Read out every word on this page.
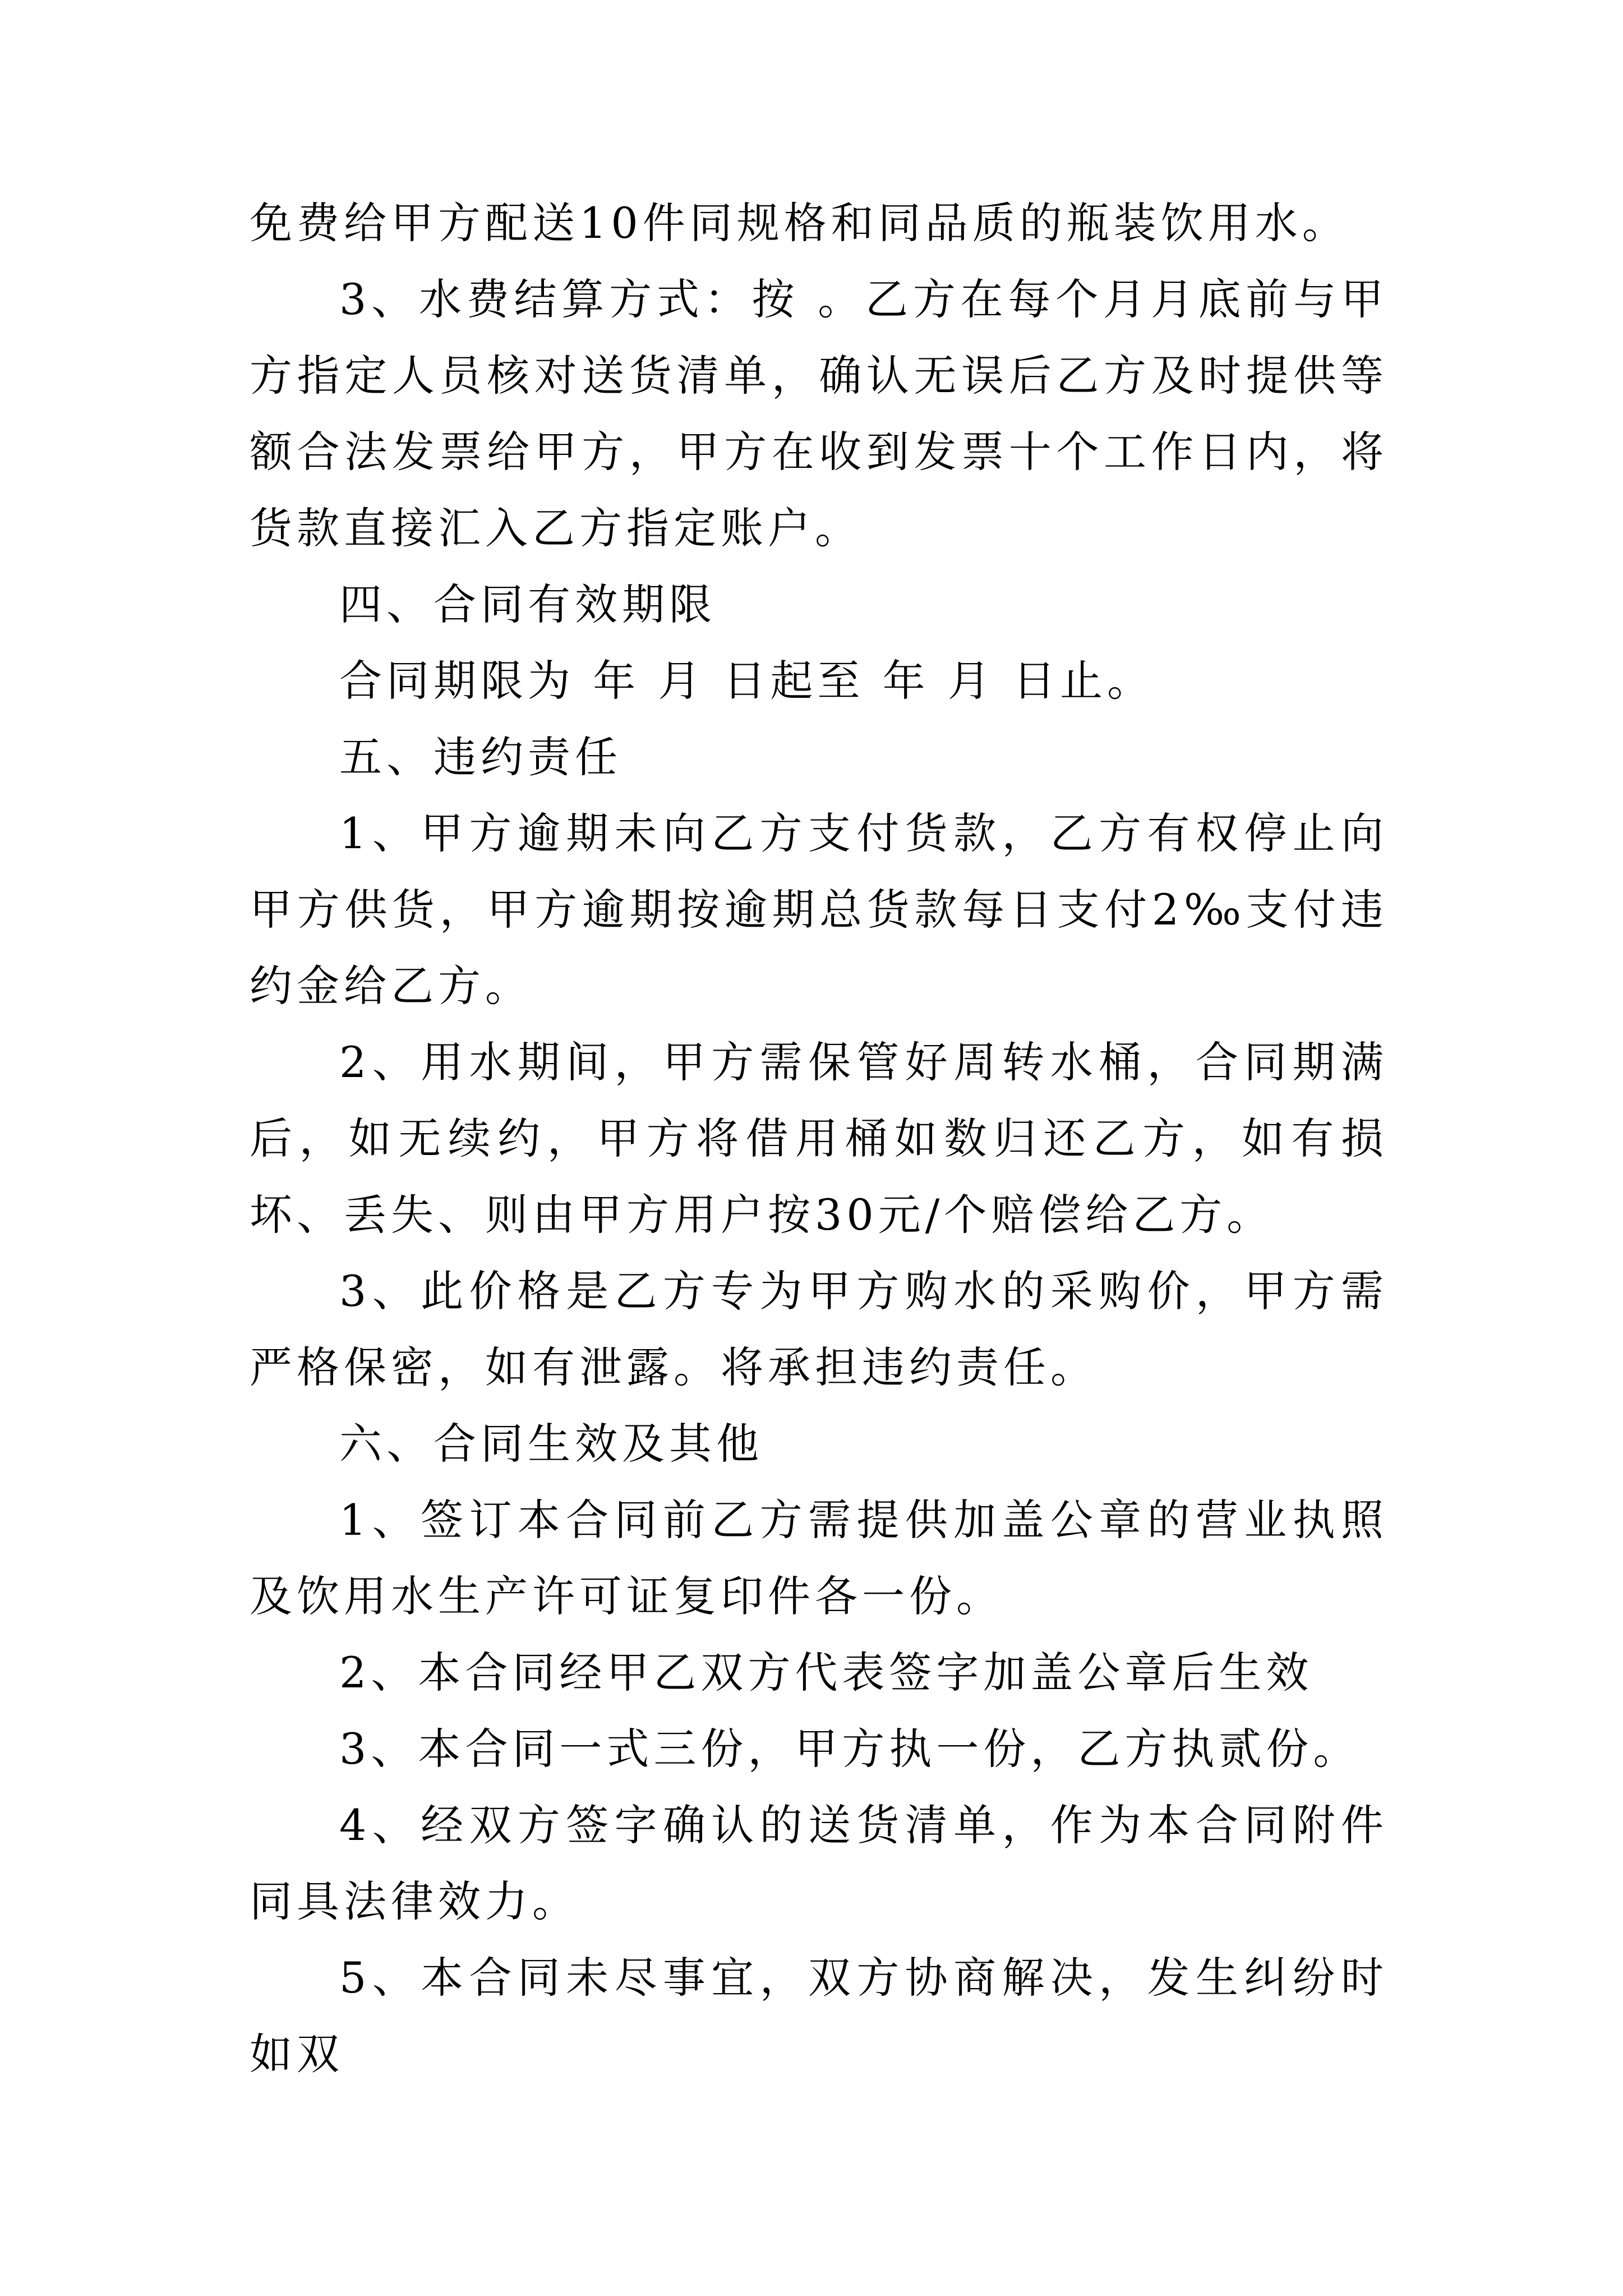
免费给甲方配送10件同规格和同品质的瓶装饮用水。

3、水费结算方式：按 。乙方在每个月月底前与甲方指定人员核对送货清单，确认无误后乙方及时提供等额合法发票给甲方，甲方在收到发票十个工作日内，将货款直接汇入乙方指定账户。

四、合同有效期限

合同期限为 年 月 日起至 年 月 日止。

五、违约责任

1、甲方逾期未向乙方支付货款，乙方有权停止向甲方供货，甲方逾期按逾期总货款每日支付2‰支付违约金给乙方。

2、用水期间，甲方需保管好周转水桶，合同期满后，如无续约，甲方将借用桶如数归还乙方，如有损坏、丢失、则由甲方用户按30元/个赔偿给乙方。

3、此价格是乙方专为甲方购水的采购价，甲方需严格保密，如有泄露。将承担违约责任。

六、合同生效及其他

1、签订本合同前乙方需提供加盖公章的营业执照及饮用水生产许可证复印件各一份。

2、本合同经甲乙双方代表签字加盖公章后生效

3、本合同一式三份，甲方执一份，乙方执贰份。

4、经双方签字确认的送货清单，作为本合同附件同具法律效力。

5、本合同未尽事宜，双方协商解决，发生纠纷时如双
